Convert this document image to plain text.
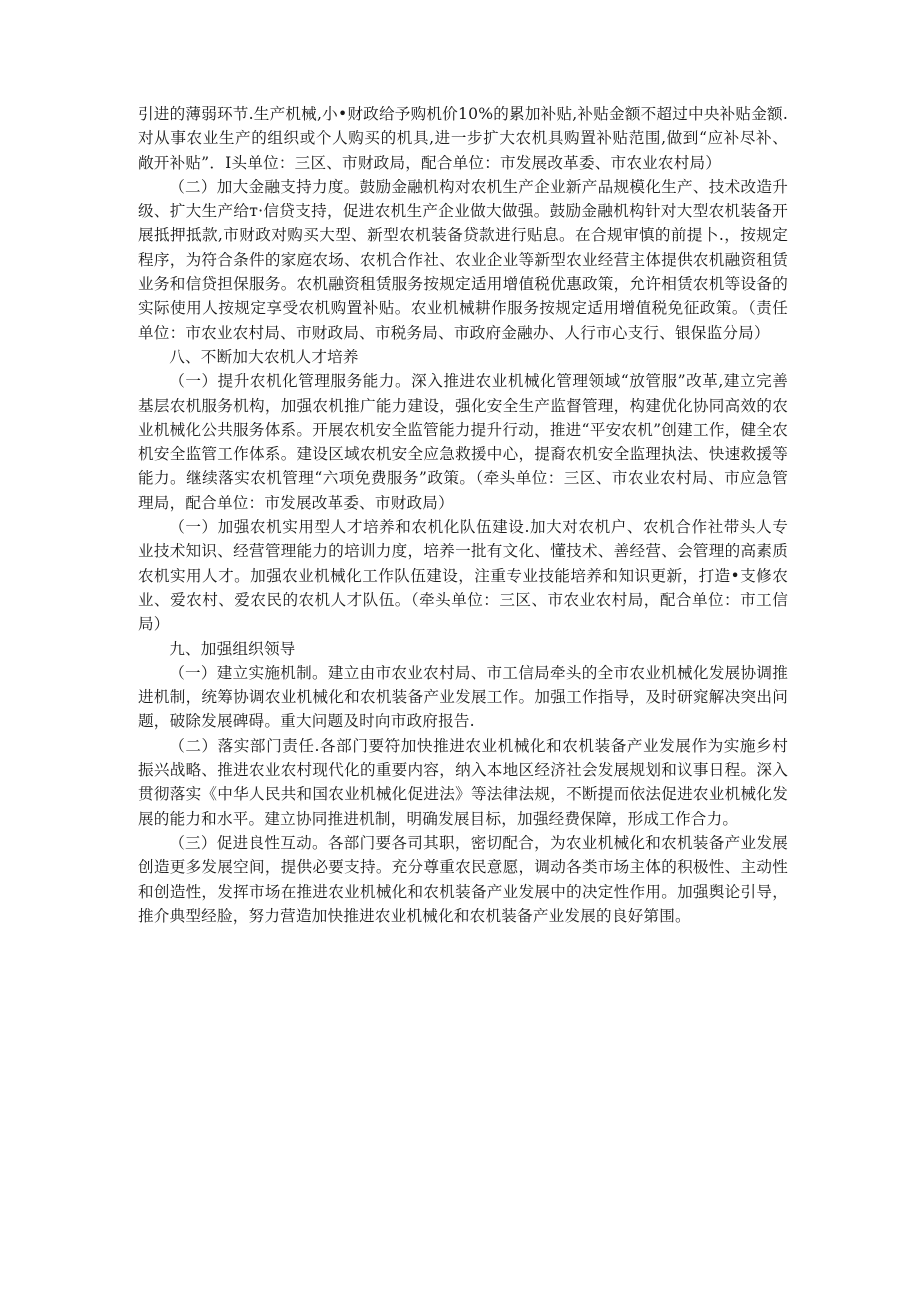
引进的薄弱环节.生产机械,小•财政给予购机价10%的累加补贴,补贴金额不超过中央补贴金额.对从事农业生产的组织或个人购买的机具,进一步扩大农机具购置补贴范围,做到“应补尽补、敞开补贴”．I头单位：三区、市财政局，配合单位：市发展改革委、市农业农村局）

（二）加大金融支持力度。鼓励金融机构对农机生产企业新产品规模化生产、技术改造升级、扩大生产给т·信贷支持，促进农机生产企业做大做强。鼓励金融机构针对大型农机装备开展抵押抵款,市财政对购买大型、新型农机装备贷款进行贴息。在合规审慎的前提卜.，按规定程序，为符合条件的家庭农场、农机合作社、农业企业等新型农业经营主体提供农机融资租赁业务和信贷担保服务。农机融资租赁服务按规定适用增值税优惠政策，允许相赁农机等设备的实际使用人按规定享受农机购置补贴。农业机械耕作服务按规定适用增值税免征政策。（责任单位：市农业农村局、市财政局、市税务局、市政府金融办、人行市心支行、银保监分局）

八、不断加大农机人才培养

（一）提升农机化管理服务能力。深入推进农业机械化管理领域“放管服”改革,建立完善基层农机服务机构，加强农机推广能力建设，强化安全生产监督管理，构建优化协同高效的农业机械化公共服务体系。开展农机安全监管能力提升行动，推进“平安农机”创建工作，健全农机安全监管工作体系。建设区域农机安全应急救援中心，提裔农机安全监理执法、快速救援等能力。继续落实农机管理“六项免费服务”政策。（牵头单位：三区、市农业农村局、市应急管理局，配合单位：市发展改革委、市财政局）

（一）加强农机实用型人才培养和农机化队伍建设.加大对农机户、农机合作社带头人专业技术知识、经营管理能力的培训力度，培养一批有文化、懂技术、善经营、会管理的高素质农机实用人才。加强农业机械化工作队伍建设，注重专业技能培养和知识更新，打造•支修农业、爱农村、爱农民的农机人才队伍。（牵头单位：三区、市农业农村局，配合单位：市工信局）

九、加强组织领导

（一）建立实施机制。建立由市农业农村局、市工信局牵头的全市农业机械化发展协调推进机制，统筹协调农业机械化和农机装备产业发展工作。加强工作指导，及时研窕解决突出问题，破除发展碑碍。重大问题及时向市政府报告.

（二）落实部门责任.各部门要符加快推进农业机械化和农机装备产业发展作为实施乡村振兴战略、推进农业农村现代化的重要内容，纳入本地区经济社会发展规划和议事日程。深入贯彻落实《中华人民共和国农业机械化促进法》等法律法规，不断提而依法促进农业机械化发展的能力和水平。建立协同推进机制，明确发展目标，加强经费保障，形成工作合力。

（三）促进良性互动。各部门要各司其职，密切配合，为农业机械化和农机装备产业发展创造更多发展空间，提供必要支持。充分尊重农民意愿，调动各类市场主体的积极性、主动性和创造性，发挥市场在推进农业机械化和农机装备产业发展中的决定性作用。加强舆论引导，推介典型经脸，努力营造加快推进农业机械化和农机装备产业发展的良好第围。
